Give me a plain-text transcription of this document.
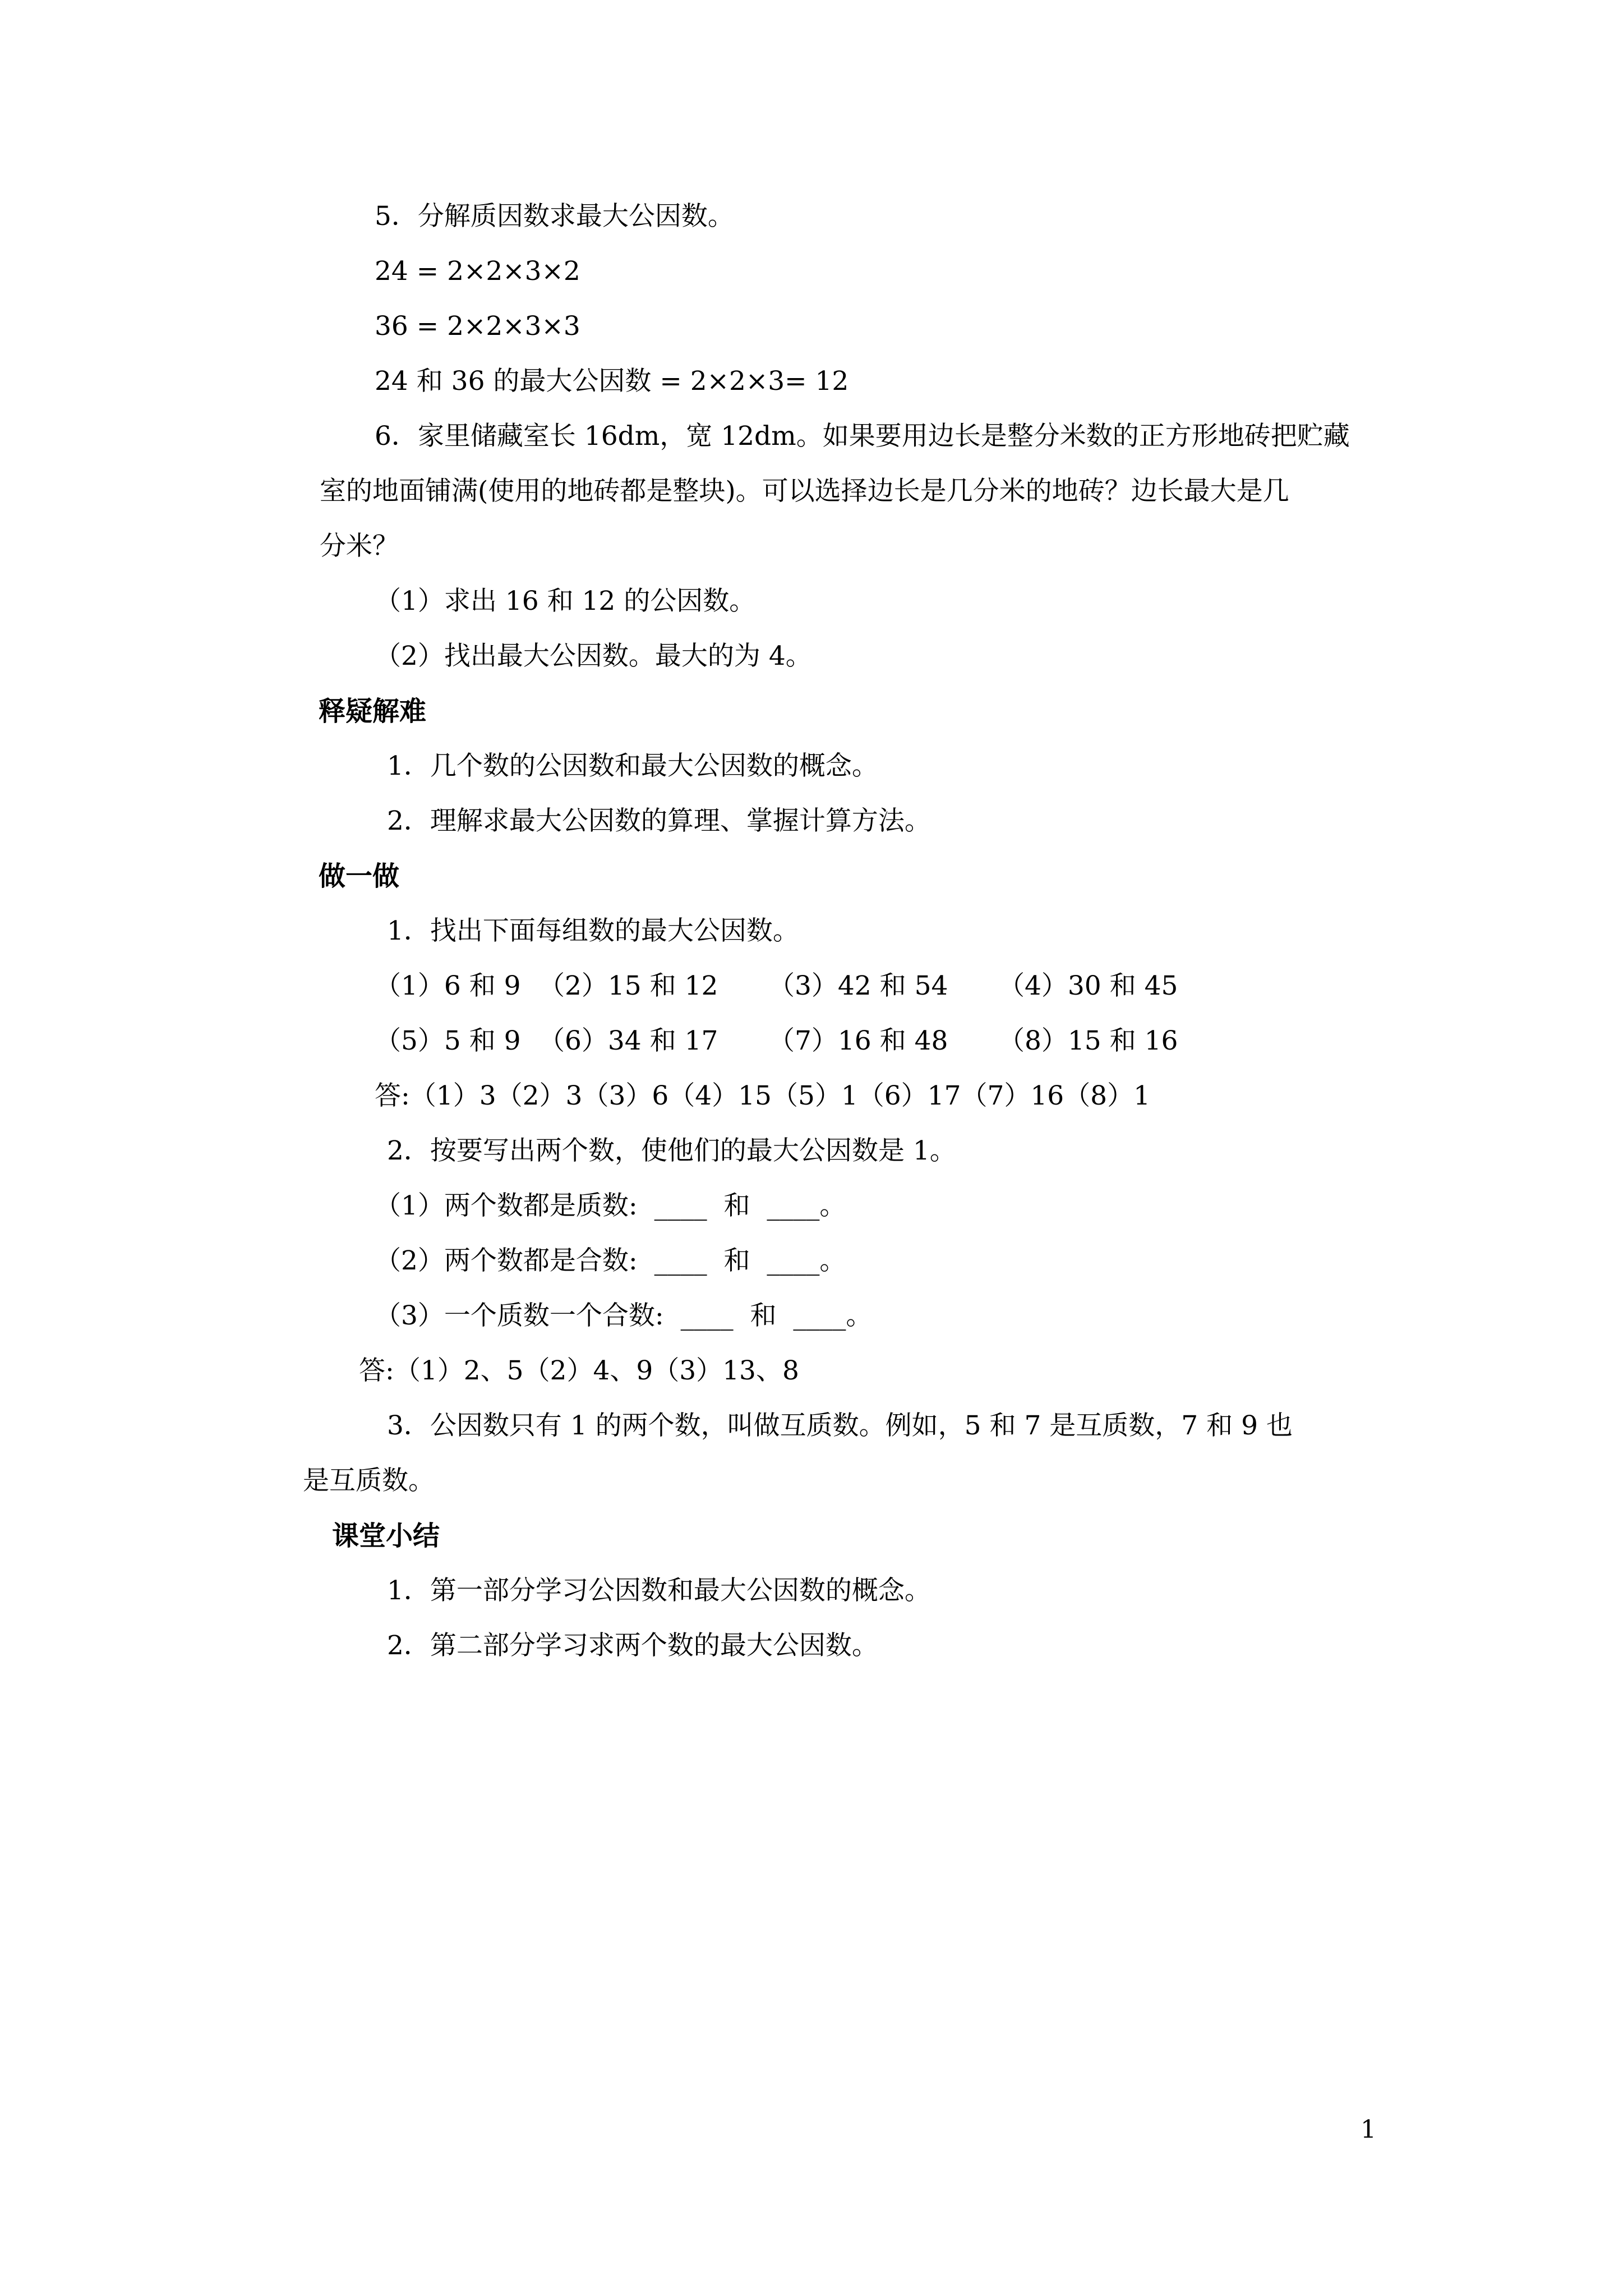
5．分解质因数求最大公因数。
24 = 2×2×3×2
36 = 2×2×3×3
24 和 36 的最大公因数 = 2×2×3= 12
6．家里储藏室长 16dm，宽 12dm。如果要用边长是整分米数的正方形地砖把贮藏
室的地面铺满(使用的地砖都是整块)。可以选择边长是几分米的地砖？边长最大是几
分米？
（1）求出 16 和 12 的公因数。
（2）找出最大公因数。最大的为 4。
释疑解难
1．几个数的公因数和最大公因数的概念。
2．理解求最大公因数的算理、掌握计算方法。
做一做
1．找出下面每组数的最大公因数。
（1）6 和 9 （2）15 和 12 （3）42 和 54 （4）30 和 45
（5）5 和 9 （6）34 和 17 （7）16 和 48 （8）15 和 16
答:（1）3（2）3（3）6（4）15（5）1（6）17（7）16（8）1
2．按要写出两个数，使他们的最大公因数是 1。
（1）两个数都是质数:  ____  和  ____。
（2）两个数都是合数:  ____  和  ____。
（3）一个质数一个合数:  ____  和  ____。
答:（1）2、5（2）4、9（3）13、8
3．公因数只有 1 的两个数，叫做互质数。例如，5 和 7 是互质数，7 和 9 也
是互质数。
课堂小结
1．第一部分学习公因数和最大公因数的概念。
2．第二部分学习求两个数的最大公因数。
1
